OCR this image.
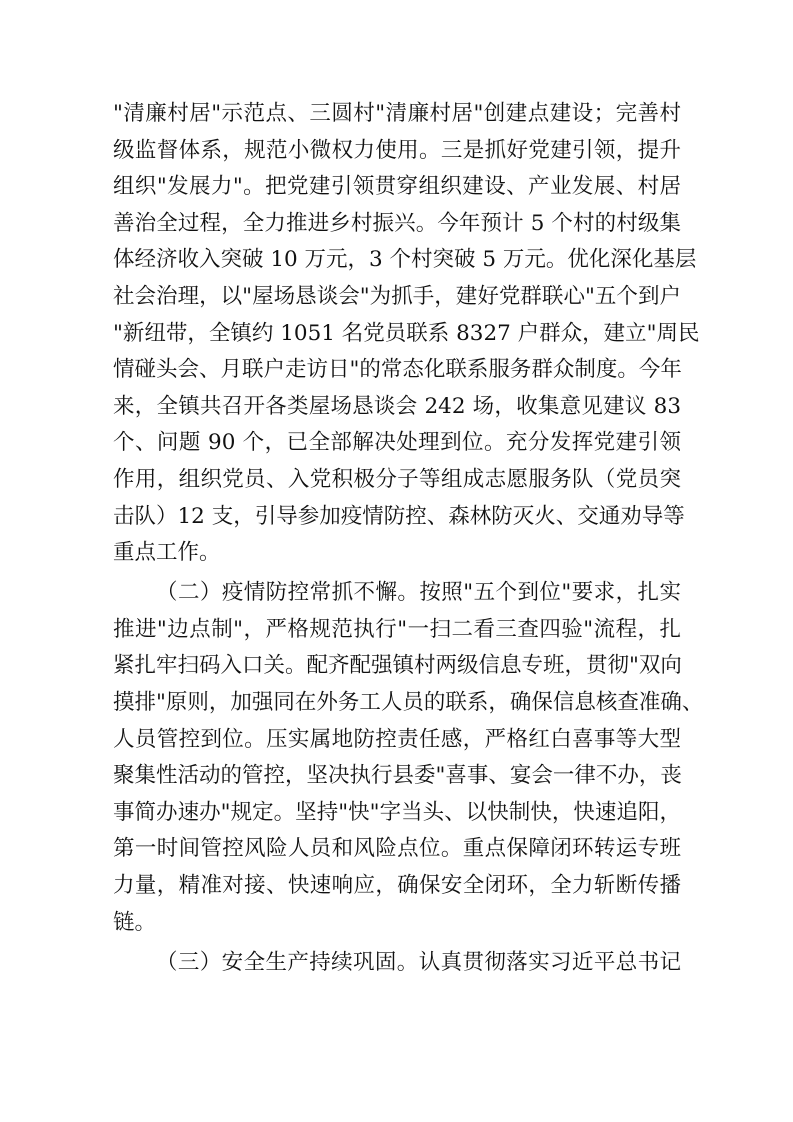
"清廉村居"示范点、三圆村"清廉村居"创建点建设；完善村
级监督体系，规范小微权力使用。三是抓好党建引领，提升
组织"发展力"。把党建引领贯穿组织建设、产业发展、村居
善治全过程，全力推进乡村振兴。今年预计 5 个村的村级集
体经济收入突破 10 万元，3 个村突破 5 万元。优化深化基层
社会治理，以"屋场恳谈会"为抓手，建好党群联心"五个到户
"新纽带，全镇约 1051 名党员联系 8327 户群众，建立"周民
情碰头会、月联户走访日"的常态化联系服务群众制度。今年
来，全镇共召开各类屋场恳谈会 242 场，收集意见建议 83
个、问题 90 个，已全部解决处理到位。充分发挥党建引领
作用，组织党员、入党积极分子等组成志愿服务队（党员突
击队）12 支，引导参加疫情防控、森林防灭火、交通劝导等
重点工作。
（二）疫情防控常抓不懈。按照"五个到位"要求，扎实
推进"边点制"，严格规范执行"一扫二看三查四验"流程，扎
紧扎牢扫码入口关。配齐配强镇村两级信息专班，贯彻"双向
摸排"原则，加强同在外务工人员的联系，确保信息核查准确、
人员管控到位。压实属地防控责任感，严格红白喜事等大型
聚集性活动的管控，坚决执行县委"喜事、宴会一律不办，丧
事简办速办"规定。坚持"快"字当头、以快制快，快速追阳，
第一时间管控风险人员和风险点位。重点保障闭环转运专班
力量，精准对接、快速响应，确保安全闭环，全力斩断传播
链。
（三）安全生产持续巩固。认真贯彻落实习近平总书记
